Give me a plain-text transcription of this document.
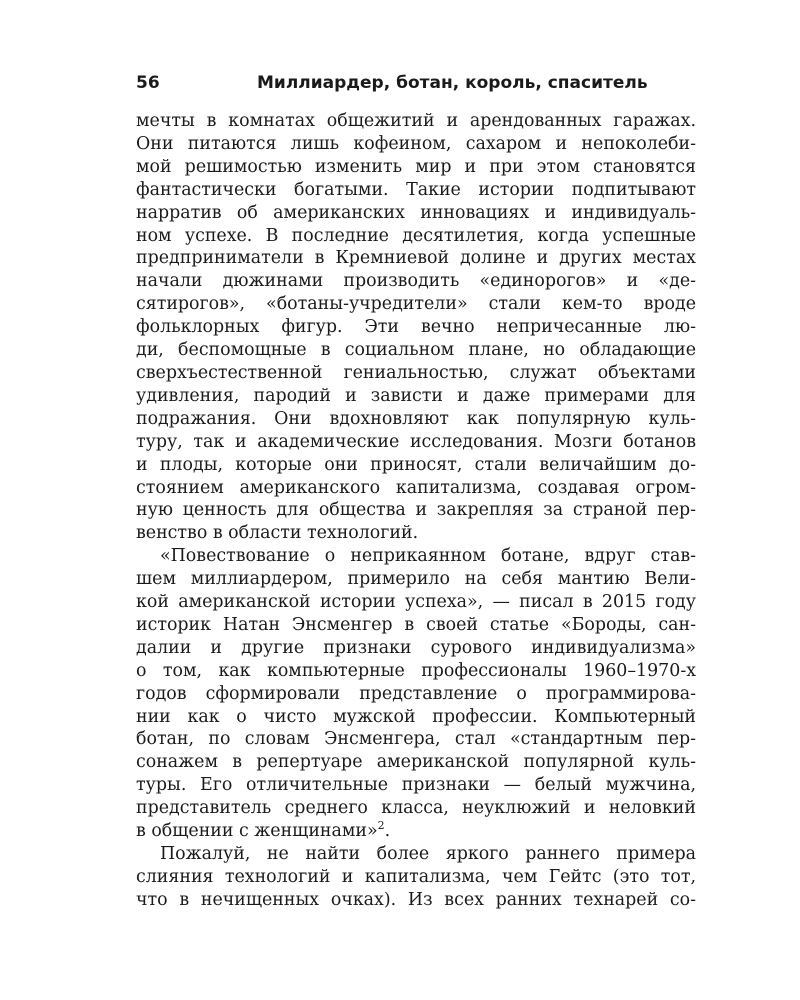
56	Миллиардер, ботан, король, спаситель
мечты в комнатах общежитий и арендованных гаражах.
Они питаются лишь кофеином, сахаром и непоколеби-
мой решимостью изменить мир и при этом становятся
фантастически богатыми. Такие истории подпитывают
нарратив об американских инновациях и индивидуаль-
ном успехе. В последние десятилетия, когда успешные
предприниматели в Кремниевой долине и других местах
начали дюжинами производить «единорогов» и «де-
сятирогов», «ботаны-учредители» стали кем-то вроде
фольклорных фигур. Эти вечно непричесанные лю-
ди, беспомощные в социальном плане, но обладающие
сверхъестественной гениальностью, служат объектами
удивления, пародий и зависти и даже примерами для
подражания. Они вдохновляют как популярную куль-
туру, так и академические исследования. Мозги ботанов
и плоды, которые они приносят, стали величайшим до-
стоянием американского капитализма, создавая огром-
ную ценность для общества и закрепляя за страной пер-
венство в области технологий.
«Повествование о неприкаянном ботане, вдруг став-
шем миллиардером, примерило на себя мантию Вели-
кой американской истории успеха», — писал в 2015 году
историк Натан Энсменгер в своей статье «Бороды, сан-
далии и другие признаки сурового индивидуализма»
о том, как компьютерные профессионалы 1960–1970-х
годов сформировали представление о программирова-
нии как о чисто мужской профессии. Компьютерный
ботан, по словам Энсменгера, стал «стандартным пер-
сонажем в репертуаре американской популярной куль-
туры. Его отличительные признаки — белый мужчина,
представитель среднего класса, неуклюжий и неловкий
в общении с женщинами»$^2$.
Пожалуй, не найти более яркого раннего примера
слияния технологий и капитализма, чем Гейтс (это тот,
что в нечищенных очках). Из всех ранних технарей со-
